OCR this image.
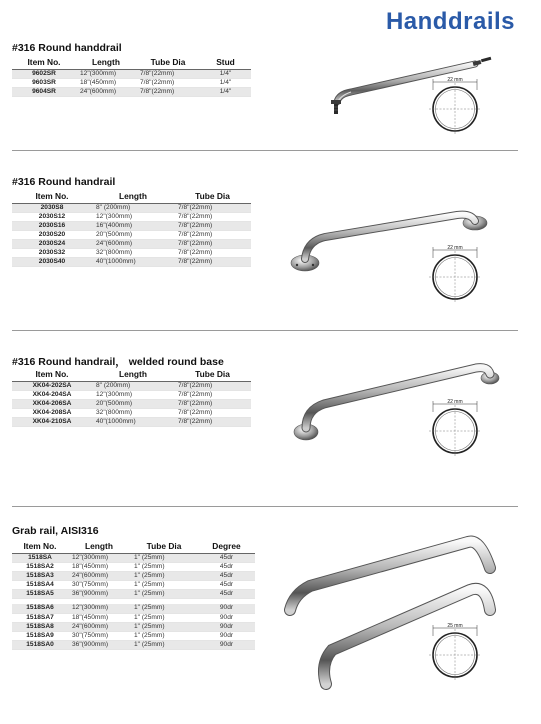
Handdrails
#316 Round handdrail
Item No.	Length	Tube Dia	Stud
9602SR	12"(300mm)	7/8"(22mm)	1/4"
9603SR	18"(450mm)	7/8"(22mm)	1/4"
9604SR	24"(600mm)	7/8"(22mm)	1/4"
22 mm
#316 Round handrail
Item No.	Length	Tube Dia
2030S8	8" (200mm)	7/8"(22mm)
2030S12	12"(300mm)	7/8"(22mm)
2030S16	16"(400mm)	7/8"(22mm)
2030S20	20"(500mm)	7/8"(22mm)
2030S24	24"(600mm)	7/8"(22mm)
2030S32	32"(800mm)	7/8"(22mm)
2030S40	40"(1000mm)	7/8"(22mm)
22 mm
#316 Round handrail， welded round base
Item No.	Length	Tube Dia
XK04-202SA	8" (200mm)	7/8"(22mm)
XK04-204SA	12"(300mm)	7/8"(22mm)
XK04-206SA	20"(500mm)	7/8"(22mm)
XK04-208SA	32"(800mm)	7/8"(22mm)
XK04-210SA	40"(1000mm)	7/8"(22mm)
22 mm
Grab rail, AISI316
Item No.	Length	Tube Dia	Degree
1518SA	12"(300mm)	1" (25mm)	45dr
1518SA2	18"(450mm)	1" (25mm)	45dr
1518SA3	24"(600mm)	1" (25mm)	45dr
1518SA4	30"(750mm)	1" (25mm)	45dr
1518SA5	36"(900mm)	1" (25mm)	45dr

1518SA6	12"(300mm)	1" (25mm)	90dr
1518SA7	18"(450mm)	1" (25mm)	90dr
1518SA8	24"(600mm)	1" (25mm)	90dr
1518SA9	30"(750mm)	1" (25mm)	90dr
1518SA0	36"(900mm)	1" (25mm)	90dr
25 mm
